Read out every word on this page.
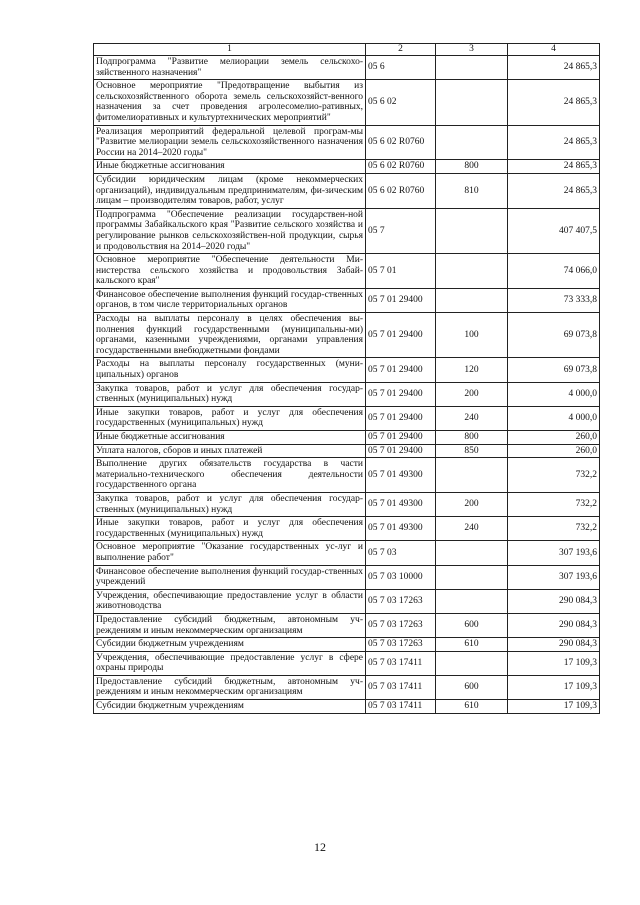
1	2	3	4
Подпрограмма "Развитие мелиорации земель сельскохо-зяйственного назначения"	05 6		24 865,3
Основное мероприятие "Предотвращение выбытия из сельскохозяйственного оборота земель сельскохозяйст-венного назначения за счет проведения агролесомелио-ративных, фитомелиоративных и культуртехнических мероприятий"	05 6 02		24 865,3
Реализация мероприятий федеральной целевой програм-мы "Развитие мелиорации земель сельскохозяйственного назначения России на 2014–2020 годы"	05 6 02 R0760		24 865,3
Иные бюджетные ассигнования	05 6 02 R0760	800	24 865,3
Субсидии юридическим лицам (кроме некоммерческих организаций), индивидуальным предпринимателям, фи-зическим лицам – производителям товаров, работ, услуг	05 6 02 R0760	810	24 865,3
Подпрограмма "Обеспечение реализации государствен-ной программы Забайкальского края "Развитие сельского хозяйства и регулирование рынков сельскохозяйствен-ной продукции, сырья и продовольствия на 2014–2020 годы"	05 7		407 407,5
Основное мероприятие "Обеспечение деятельности Ми-нистерства сельского хозяйства и продовольствия Забай-кальского края"	05 7 01		74 066,0
Финансовое обеспечение выполнения функций государ-ственных органов, в том числе территориальных органов	05 7 01 29400		73 333,8
Расходы на выплаты персоналу в целях обеспечения вы-полнения функций государственными (муниципальны-ми) органами, казенными учреждениями, органами управления государственными внебюджетными фондами	05 7 01 29400	100	69 073,8
Расходы на выплаты персоналу государственных (муни-ципальных) органов	05 7 01 29400	120	69 073,8
Закупка товаров, работ и услуг для обеспечения государ-ственных (муниципальных) нужд	05 7 01 29400	200	4 000,0
Иные закупки товаров, работ и услуг для обеспечения государственных (муниципальных) нужд	05 7 01 29400	240	4 000,0
Иные бюджетные ассигнования	05 7 01 29400	800	260,0
Уплата налогов, сборов и иных платежей	05 7 01 29400	850	260,0
Выполнение других обязательств государства в части материально-технического обеспечения деятельности государственного органа	05 7 01 49300		732,2
Закупка товаров, работ и услуг для обеспечения государ-ственных (муниципальных) нужд	05 7 01 49300	200	732,2
Иные закупки товаров, работ и услуг для обеспечения государственных (муниципальных) нужд	05 7 01 49300	240	732,2
Основное мероприятие "Оказание государственных ус-луг и выполнение работ"	05 7 03		307 193,6
Финансовое обеспечение выполнения функций государ-ственных учреждений	05 7 03 10000		307 193,6
Учреждения, обеспечивающие предоставление услуг в области животноводства	05 7 03 17263		290 084,3
Предоставление субсидий бюджетным, автономным уч-реждениям и иным некоммерческим организациям	05 7 03 17263	600	290 084,3
Субсидии бюджетным учреждениям	05 7 03 17263	610	290 084,3
Учреждения, обеспечивающие предоставление услуг в сфере охраны природы	05 7 03 17411		17 109,3
Предоставление субсидий бюджетным, автономным уч-реждениям и иным некоммерческим организациям	05 7 03 17411	600	17 109,3
Субсидии бюджетным учреждениям	05 7 03 17411	610	17 109,3
12
